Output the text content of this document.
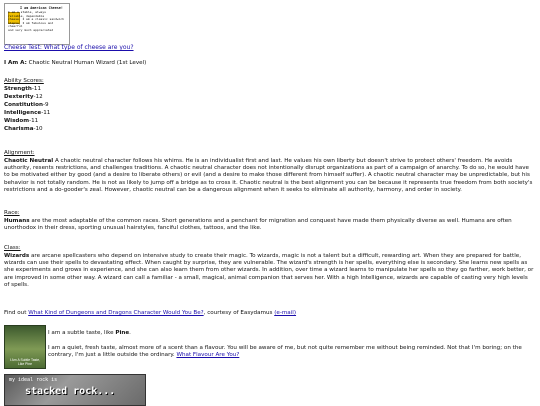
I am American Cheese!
I am a stable, always
reliable, dependable
cheese. I am a classic sandwich
staple, I am fabulous and cheerful
and very much appreciated
Cheese Test: What type of cheese are you?
I Am A: Chaotic Neutral Human Wizard (1st Level)
Ability Scores:
Strength-11
Dexterity-12
Constitution-9
Intelligence-11
Wisdom-11
Charisma-10
Alignment:
Chaotic Neutral A chaotic neutral character follows his whims. He is an individualist first and last. He values his own liberty but doesn't strive to protect others' freedom. He avoids authority, resents restrictions, and challenges traditions. A chaotic neutral character does not intentionally disrupt organizations as part of a campaign of anarchy. To do so, he would have to be motivated either by good (and a desire to liberate others) or evil (and a desire to make those different from himself suffer). A chaotic neutral character may be unpredictable, but his behavior is not totally random. He is not as likely to jump off a bridge as to cross it. Chaotic neutral is the best alignment you can be because it represents true freedom from both society's restrictions and a do-gooder's zeal. However, chaotic neutral can be a dangerous alignment when it seeks to eliminate all authority, harmony, and order in society.
Race:
Humans are the most adaptable of the common races. Short generations and a penchant for migration and conquest have made them physically diverse as well. Humans are often unorthodox in their dress, sporting unusual hairstyles, fanciful clothes, tattoos, and the like.
Class:
Wizards are arcane spellcasters who depend on intensive study to create their magic. To wizards, magic is not a talent but a difficult, rewarding art. When they are prepared for battle, wizards can use their spells to devastating effect. When caught by surprise, they are vulnerable. The wizard's strength is her spells, everything else is secondary. She learns new spells as she experiments and grows in experience, and she can also learn them from other wizards. In addition, over time a wizard learns to manipulate her spells so they go farther, work better, or are improved in some other way. A wizard can call a familiar - a small, magical, animal companion that serves her. With a high Intelligence, wizards are capable of casting very high levels of spells.
Find out What Kind of Dungeons and Dragons Character Would You Be?, courtesy of Easydamus (e-mail)
I Am A Subtle Taste, Like Pine
I am a subtle taste, like Pine.
I am a quiet, fresh taste, almost more of a scent than a flavour. You will be aware of me, but not quite remember me without being reminded. Not that I'm boring; on the contrary, I'm just a little outside the ordinary. What Flavour Are You?
my ideal rock is
stacked rock...
